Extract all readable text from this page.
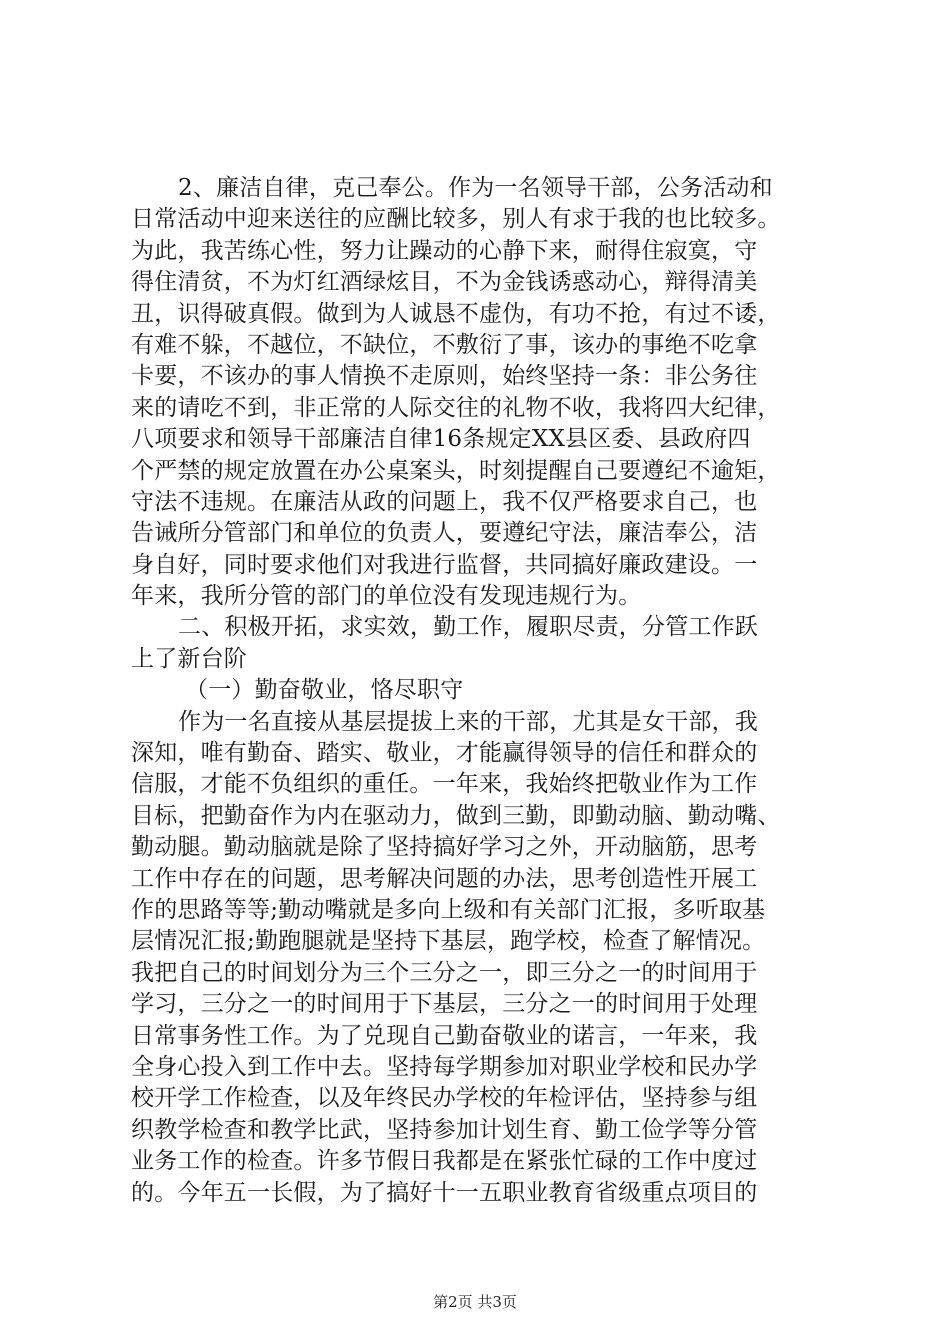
2、廉洁自律，克己奉公。作为一名领导干部，公务活动和
日常活动中迎来送往的应酬比较多，别人有求于我的也比较多。
为此，我苦练心性，努力让躁动的心静下来，耐得住寂寞，守
得住清贫，不为灯红酒绿炫目，不为金钱诱惑动心，辩得清美
丑，识得破真假。做到为人诚恳不虚伪，有功不抢，有过不诿，
有难不躲，不越位，不缺位，不敷衍了事，该办的事绝不吃拿
卡要，不该办的事人情换不走原则，始终坚持一条：非公务往
来的请吃不到，非正常的人际交往的礼物不收，我将四大纪律，
八项要求和领导干部廉洁自律16条规定XX县区委、县政府四
个严禁的规定放置在办公桌案头，时刻提醒自己要遵纪不逾矩，
守法不违规。在廉洁从政的问题上，我不仅严格要求自己，也
告诫所分管部门和单位的负责人，要遵纪守法，廉洁奉公，洁
身自好，同时要求他们对我进行监督，共同搞好廉政建设。一
年来，我所分管的部门的单位没有发现违规行为。
二、积极开拓，求实效，勤工作，履职尽责，分管工作跃
上了新台阶
（一）勤奋敬业，恪尽职守
作为一名直接从基层提拔上来的干部，尤其是女干部，我
深知，唯有勤奋、踏实、敬业，才能赢得领导的信任和群众的
信服，才能不负组织的重任。一年来，我始终把敬业作为工作
目标，把勤奋作为内在驱动力，做到三勤，即勤动脑、勤动嘴、
勤动腿。勤动脑就是除了坚持搞好学习之外，开动脑筋，思考
工作中存在的问题，思考解决问题的办法，思考创造性开展工
作的思路等等;勤动嘴就是多向上级和有关部门汇报，多听取基
层情况汇报;勤跑腿就是坚持下基层，跑学校，检查了解情况。
我把自己的时间划分为三个三分之一，即三分之一的时间用于
学习，三分之一的时间用于下基层，三分之一的时间用于处理
日常事务性工作。为了兑现自己勤奋敬业的诺言，一年来，我
全身心投入到工作中去。坚持每学期参加对职业学校和民办学
校开学工作检查，以及年终民办学校的年检评估，坚持参与组
织教学检查和教学比武，坚持参加计划生育、勤工俭学等分管
业务工作的检查。许多节假日我都是在紧张忙碌的工作中度过
的。今年五一长假，为了搞好十一五职业教育省级重点项目的
第2页 共3页
